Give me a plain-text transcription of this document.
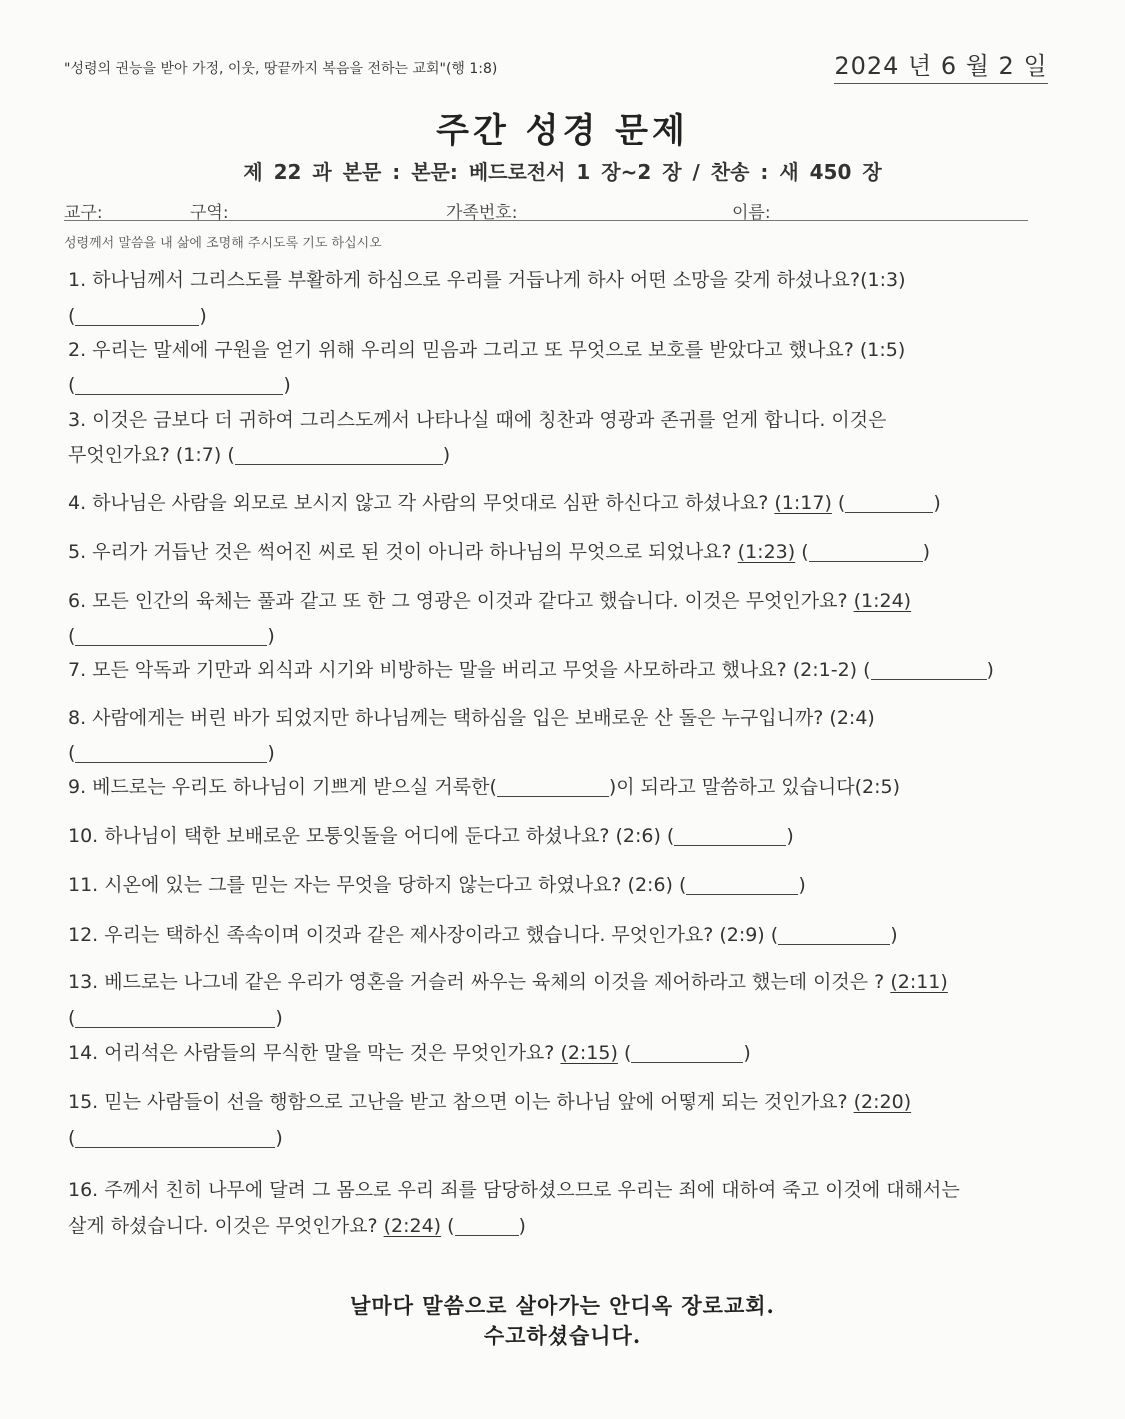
"성령의 권능을 받아 가정, 이웃, 땅끝까지 복음을 전하는 교회"(행 1:8)	2024 년 6 월 2 일
주간 성경 문제
제 22 과 본문 : 본문: 베드로전서 1 장~2 장 / 찬송 : 새 450 장
교구:	구역:	가족번호:	이름:
성령께서 말씀을 내 삶에 조명해 주시도록 기도 하십시오
1. 하나님께서 그리스도를 부활하게 하심으로 우리를 거듭나게 하사 어떤 소망을 갖게 하셨나요?(1:3)
(	)
2. 우리는 말세에 구원을 얻기 위해 우리의 믿음과 그리고 또 무엇으로 보호를 받았다고 했나요? (1:5)
(	)
3. 이것은 금보다 더 귀하여 그리스도께서 나타나실 때에 칭찬과 영광과 존귀를 얻게 합니다. 이것은
무엇인가요? (1:7) (	)
4. 하나님은 사람을 외모로 보시지 않고 각 사람의 무엇대로 심판 하신다고 하셨나요? (1:17) (	)
5. 우리가 거듭난 것은 썩어진 씨로 된 것이 아니라 하나님의 무엇으로 되었나요? (1:23) (	)
6. 모든 인간의 육체는 풀과 같고 또 한 그 영광은 이것과 같다고 했습니다. 이것은 무엇인가요? (1:24)
(	)
7. 모든 악독과 기만과 외식과 시기와 비방하는 말을 버리고 무엇을 사모하라고 했나요? (2:1-2) (	)
8. 사람에게는 버린 바가 되었지만 하나님께는 택하심을 입은 보배로운 산 돌은 누구입니까? (2:4)
(	)
9. 베드로는 우리도 하나님이 기쁘게 받으실 거룩한(	)이 되라고 말씀하고 있습니다(2:5)
10. 하나님이 택한 보배로운 모퉁잇돌을 어디에 둔다고 하셨나요? (2:6) (	)
11. 시온에 있는 그를 믿는 자는 무엇을 당하지 않는다고 하였나요? (2:6) (	)
12. 우리는 택하신 족속이며 이것과 같은 제사장이라고 했습니다. 무엇인가요? (2:9) (	)
13. 베드로는 나그네 같은 우리가 영혼을 거슬러 싸우는 육체의 이것을 제어하라고 했는데 이것은 ? (2:11)
(	)
14. 어리석은 사람들의 무식한 말을 막는 것은 무엇인가요? (2:15) (	)
15. 믿는 사람들이 선을 행함으로 고난을 받고 참으면 이는 하나님 앞에 어떻게 되는 것인가요? (2:20)
(	)
16. 주께서 친히 나무에 달려 그 몸으로 우리 죄를 담당하셨으므로 우리는 죄에 대하여 죽고 이것에 대해서는
살게 하셨습니다. 이것은 무엇인가요? (2:24) (	)
날마다 말씀으로 살아가는 안디옥 장로교회.
수고하셨습니다.
